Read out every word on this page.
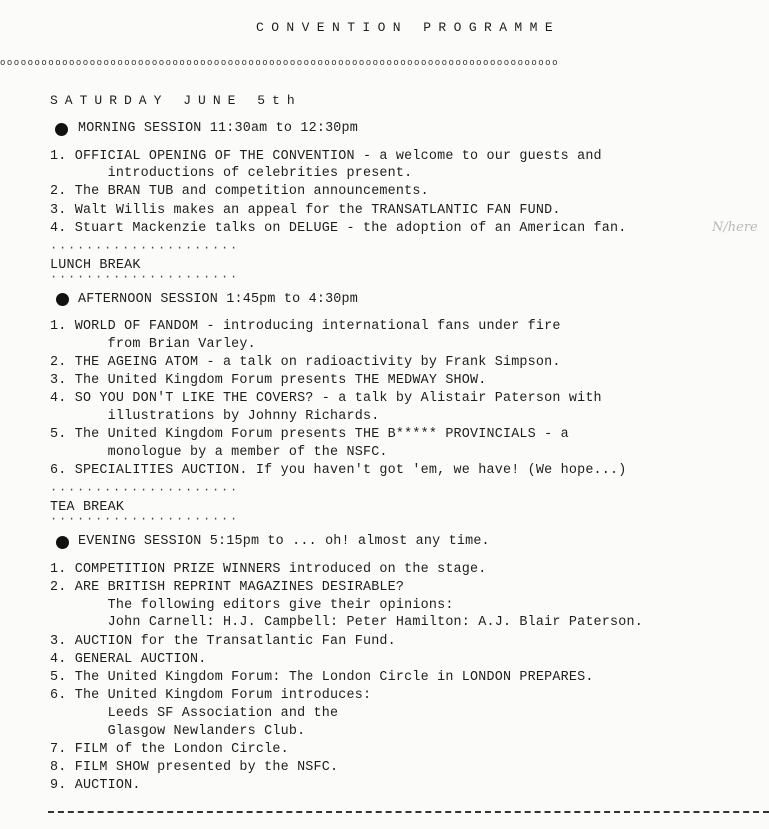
CONVENTION PROGRAMME
ooooooooooooooooooooooooooooooooooooooooooooooooooooooooooooooooooooooooooooooooo
SATURDAY JUNE 5th
MORNING SESSION 11:30am to 12:30pm
1. OFFICIAL OPENING OF THE CONVENTION - a welcome to our guests and
introductions of celebrities present.
2. The BRAN TUB and competition announcements.
3. Walt Willis makes an appeal for the TRANSATLANTIC FAN FUND.
4. Stuart Mackenzie talks on DELUGE - the adoption of an American fan.	N/here
·····················
LUNCH BREAK
·····················
AFTERNOON SESSION 1:45pm to 4:30pm
1. WORLD OF FANDOM - introducing international fans under fire
from Brian Varley.
2. THE AGEING ATOM - a talk on radioactivity by Frank Simpson.
3. The United Kingdom Forum presents THE MEDWAY SHOW.
4. SO YOU DON'T LIKE THE COVERS? - a talk by Alistair Paterson with
illustrations by Johnny Richards.
5. The United Kingdom Forum presents THE B***** PROVINCIALS - a
monologue by a member of the NSFC.
6. SPECIALITIES AUCTION. If you haven't got 'em, we have! (We hope...)
·····················
TEA BREAK
·····················
EVENING SESSION 5:15pm to ... oh! almost any time.
1. COMPETITION PRIZE WINNERS introduced on the stage.
2. ARE BRITISH REPRINT MAGAZINES DESIRABLE?
The following editors give their opinions:
John Carnell: H.J. Campbell: Peter Hamilton: A.J. Blair Paterson.
3. AUCTION for the Transatlantic Fan Fund.
4. GENERAL AUCTION.
5. The United Kingdom Forum: The London Circle in LONDON PREPARES.
6. The United Kingdom Forum introduces:
Leeds SF Association and the
Glasgow Newlanders Club.
7. FILM of the London Circle.
8. FILM SHOW presented by the NSFC.
9. AUCTION.
